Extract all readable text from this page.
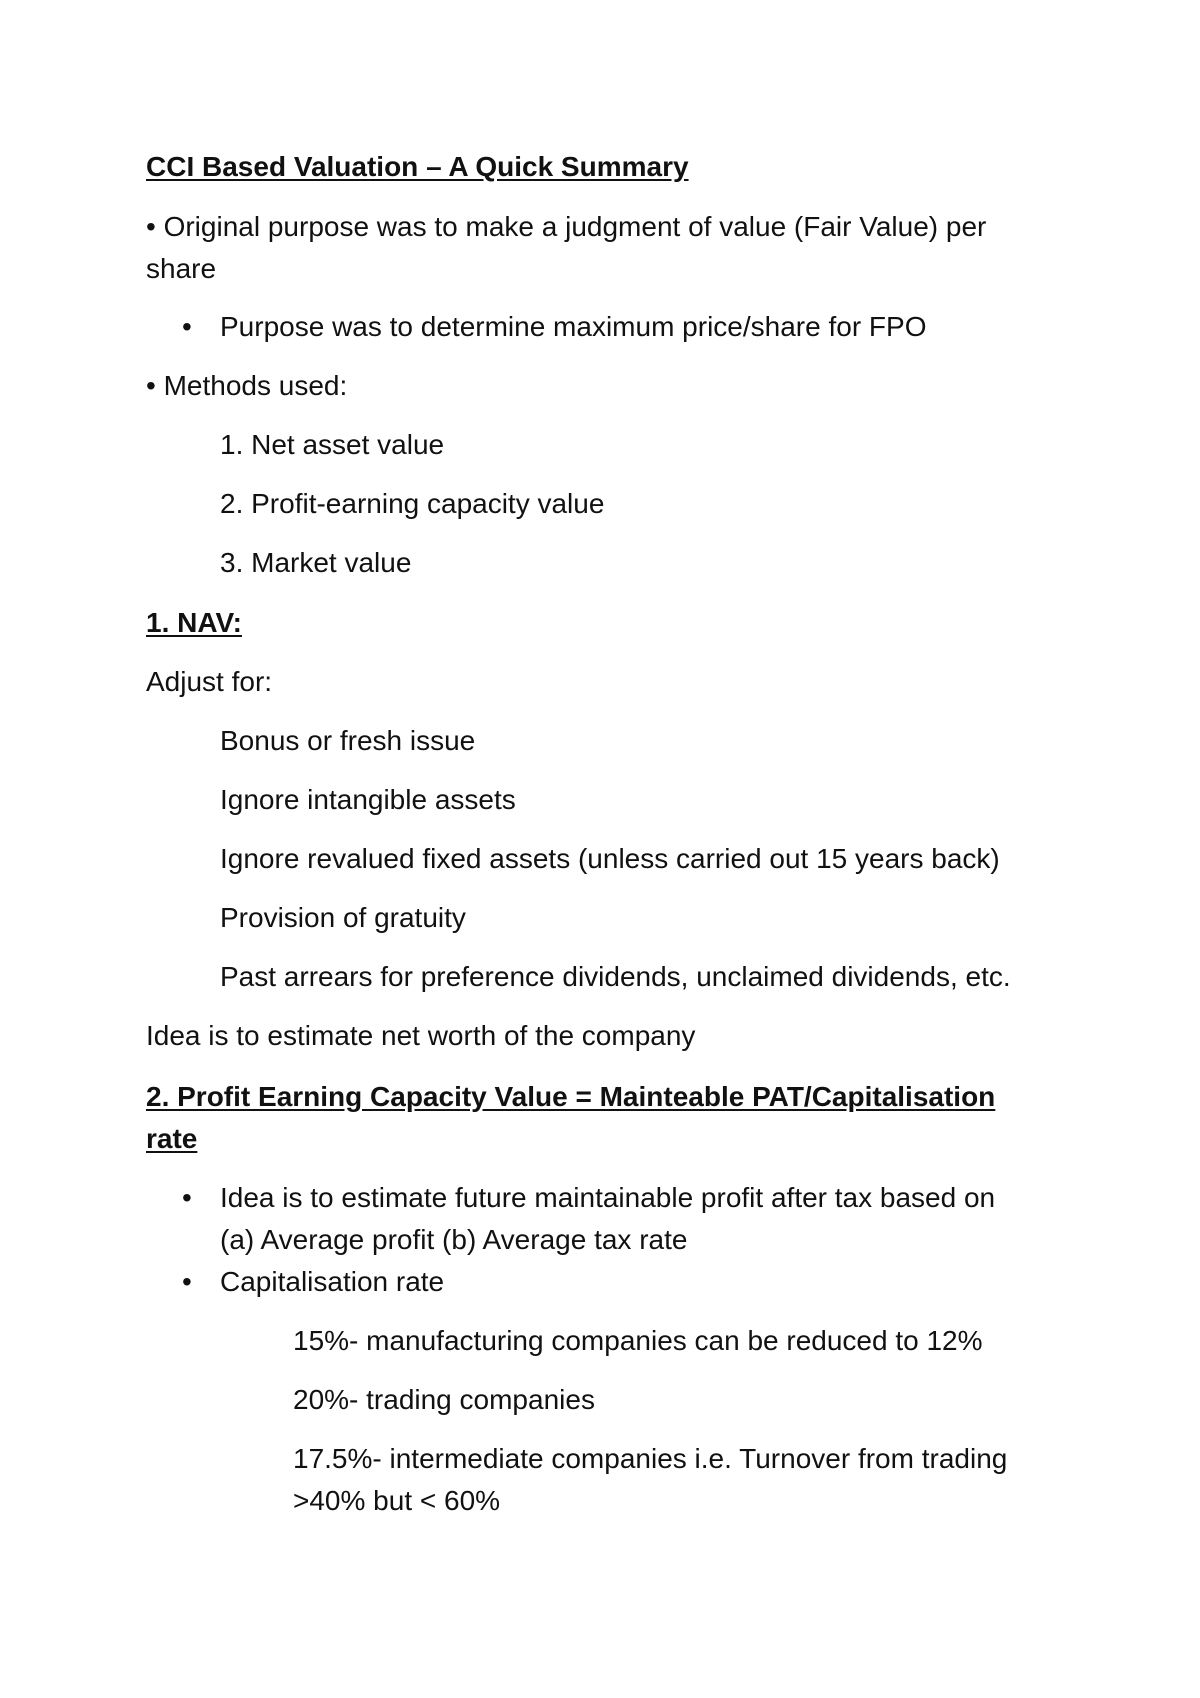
CCI Based Valuation – A Quick Summary
• Original purpose was to make a judgment of value (Fair Value) per
share
• Purpose was to determine maximum price/share for FPO
• Methods used:
1. Net asset value
2. Profit-earning capacity value
3. Market value
1. NAV:
Adjust for:
Bonus or fresh issue
Ignore intangible assets
Ignore revalued fixed assets (unless carried out 15 years back)
Provision of gratuity
Past arrears for preference dividends, unclaimed dividends, etc.
Idea is to estimate net worth of the company
2. Profit Earning Capacity Value = Mainteable PAT/Capitalisation
rate
• Idea is to estimate future maintainable profit after tax based on
(a) Average profit (b) Average tax rate
• Capitalisation rate
15%- manufacturing companies can be reduced to 12%
20%- trading companies
17.5%- intermediate companies i.e. Turnover from trading
>40% but < 60%
